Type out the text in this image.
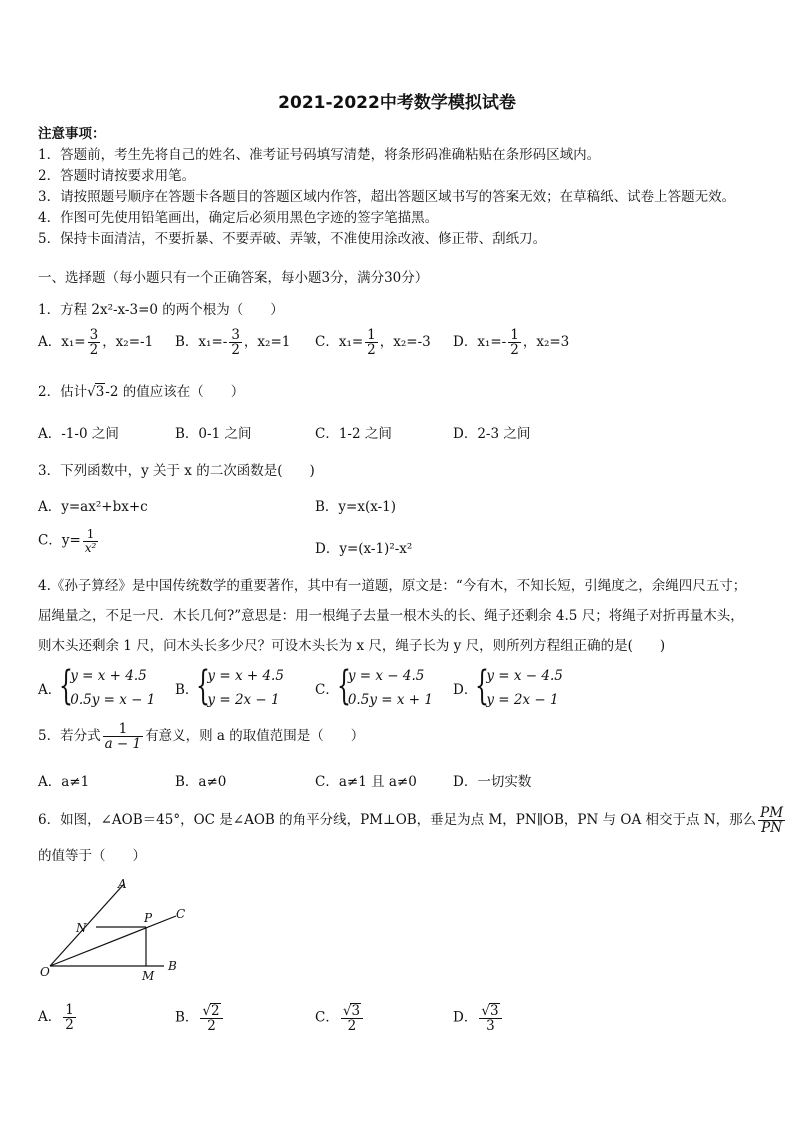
2021-2022中考数学模拟试卷
注意事项：
1．答题前，考生先将自己的姓名、准考证号码填写清楚，将条形码准确粘贴在条形码区域内。
2．答题时请按要求用笔。
3．请按照题号顺序在答题卡各题目的答题区域内作答，超出答题区域书写的答案无效；在草稿纸、试卷上答题无效。
4．作图可先使用铅笔画出，确定后必须用黑色字迹的签字笔描黑。
5．保持卡面清洁，不要折暴、不要弄破、弄皱，不准使用涂改液、修正带、刮纸刀。
一、选择题（每小题只有一个正确答案，每小题3分，满分30分）
1．方程 2x²-x-3=0 的两个根为（　　）
A．$x_1= \frac{3}{2}$ ，x₂=-1 B．$x_1=- \frac{3}{2}$ ，x₂=1 C．$x_1= \frac{1}{2}$ ，x₂=-3 D．$x_1=- \frac{1}{2}$ ，x₂=3
2．估计√3-2 的值应该在（　　）
A．-1-0 之间	B．0-1 之间	C．1-2 之间	D．2-3 之间
3．下列函数中，y 关于 x 的二次函数是(　　)
A．y=ax²+bx+c	B．y=x(x-1)
C．$y= \frac{1}{\text{x²}}$	D．y=(x-1)²-x²
4.《孙子算经》是中国传统数学的重要著作，其中有一道题，原文是：“今有木，不知长短，引绳度之，余绳四尺五寸；
屈绳量之，不足一尺．木长几何?”意思是：用一根绳子去量一根木头的长、绳子还剩余 4.5 尺；将绳子对折再量木头，
则木头还剩余 1 尺，问木头长多少尺？可设木头长为 x 尺，绳子长为 y 尺，则所列方程组正确的是(　　)
A．
{ y = x + 4.5
0.5y = x − 1
B．
{ y = x + 4.5
y = 2x − 1
C．
{ y = x − 4.5
0.5y = x + 1
D．
{ y = x − 4.5
y = 2x − 1
5．若分式 $\frac{1}{a - 1}$ 有意义，则 a 的取值范围是（　　）
A．a≠1	B．a≠0	C．a≠1 且 a≠0	D．一切实数
6．如图，∠AOB＝45°，OC 是∠AOB 的角平分线，PM⊥OB，垂足为点 M，PN∥OB，PN 与 OA 相交于点 N，那么 $\frac{PM}{PN}$
的值等于（　　）
A
N
P C
O	M
B
A． $\frac{1}{2}$	B． $\frac{√2}{2}$	C． $\frac{√3}{2}$	D． $\frac{√3}{3}$
